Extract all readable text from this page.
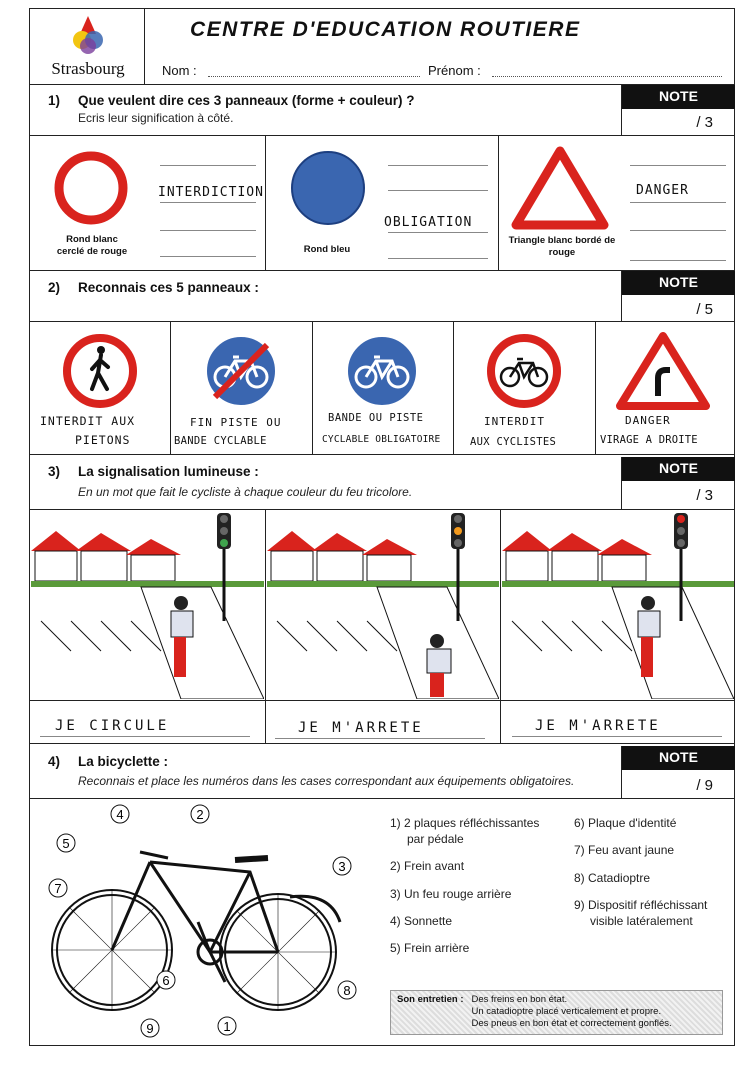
Strasbourg
CENTRE D'EDUCATION ROUTIERE
Nom :	Prénom :
1) Que veulent dire ces 3 panneaux (forme + couleur) ?
Ecris leur signification à côté.
NOTE
/ 3
Rond blanc cerclé de rouge
INTERDICTION
Rond bleu
OBLIGATION
Triangle blanc bordé de rouge
DANGER
2) Reconnais ces 5 panneaux :	NOTE
/ 5
INTERDIT AUX
PIETONS
FIN PISTE OU
BANDE CYCLABLE
BANDE OU PISTE
CYCLABLE OBLIGATOIRE
INTERDIT
AUX CYCLISTES
DANGER
VIRAGE A DROITE
3) La signalisation lumineuse :
En un mot que fait le cycliste à chaque couleur du feu tricolore.
NOTE
/ 3
JE CIRCULE	JE M'ARRETE	JE M'ARRETE
4) La bicyclette :
Reconnais et place les numéros dans les cases correspondant aux équipements obligatoires.
NOTE
/ 9
4	2
5
3
7
6
8
9	1
1) 2 plaques réfléchissantes
par pédale
2) Frein avant
3) Un feu rouge arrière
4) Sonnette
5) Frein arrière
6) Plaque d'identité
7) Feu avant jaune
8) Catadioptre
9) Dispositif réfléchissant
visible latéralement
Son entretien : Des freins en bon état.
Un catadioptre placé verticalement et propre.
Des pneus en bon état et correctement gonflés.
